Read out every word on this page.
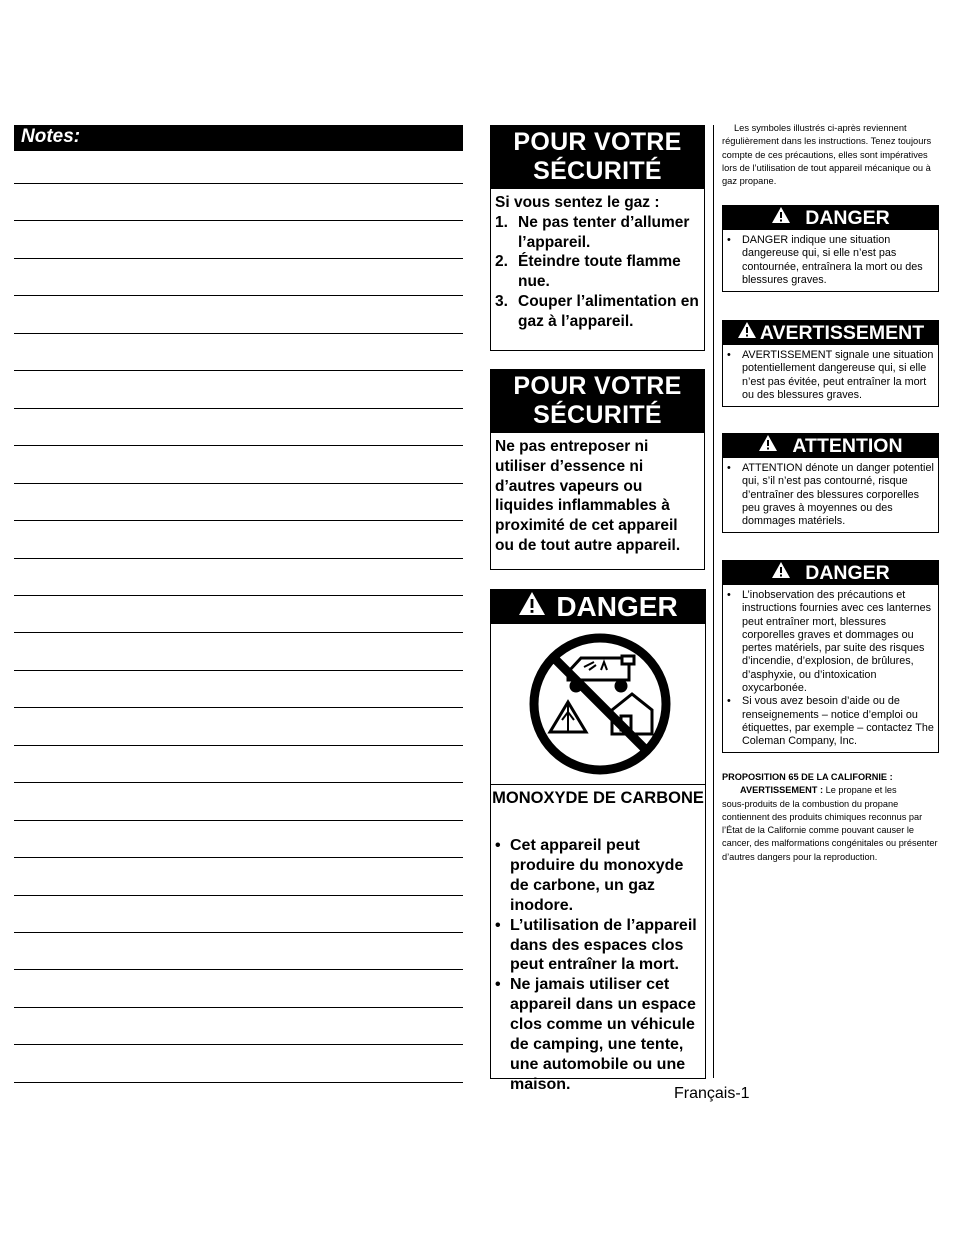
Notes:	POUR VOTRE SÉCURITÉ
Si vous sentez le gaz :
1. Ne pas tenter d’allumer l’appareil.
2. Éteindre toute flamme nue.
3. Couper l’alimentation en gaz à l’appareil.
POUR VOTRE SÉCURITÉ
Ne pas entreposer ni utiliser d’essence ni d’autres vapeurs ou liquides inflammables à proximité de cet appareil ou de tout autre appareil.
DANGER
MONOXYDE DE CARBONE
• Cet appareil peut produire du monoxyde de carbone, un gaz inodore.
• L’utilisation de l’appareil dans des espaces clos peut entraîner la mort.
• Ne jamais utiliser cet appareil dans un espace clos comme un véhicule de camping, une tente, une automobile ou une maison.
Français-1
Les symboles illustrés ci-après reviennent
régulièrement dans les instructions. Tenez toujours compte de ces précautions, elles sont impératives lors de l’utilisation de tout appareil mécanique ou à gaz propane.
DANGER
•	DANGER indique une situation dangereuse qui, si elle n’est pas contournée, entraînera la mort ou des blessures graves.
AVERTISSEMENT
•	AVERTISSEMENT signale une situation potentiellement dangereuse qui, si elle n’est pas évitée, peut entraîner la mort ou des blessures graves.
ATTENTION
•	ATTENTION dénote un danger potentiel qui, s’il n’est pas contourné, risque d’entraîner des blessures corporelles peu graves à moyennes ou des dommages matériels.
DANGER
•	L’inobservation des précautions et instructions fournies avec ces lanternes peut entraîner mort, blessures corporelles graves et dommages ou pertes matériels, par suite des risques d’incendie, d’explosion, de brûlures, d’asphyxie, ou d’intoxication oxycarbonée.
•	Si vous avez besoin d’aide ou de renseignements – notice d’emploi ou étiquettes, par exemple – contactez The Coleman Company, Inc.
PROPOSITION 65 DE LA CALIFORNIE :
AVERTISSEMENT : Le propane et les
sous-produits de la combustion du propane contiennent des produits chimiques reconnus par l’État de la Californie comme pouvant causer le cancer, des malformations congénitales ou présenter d’autres dangers pour la reproduction.
